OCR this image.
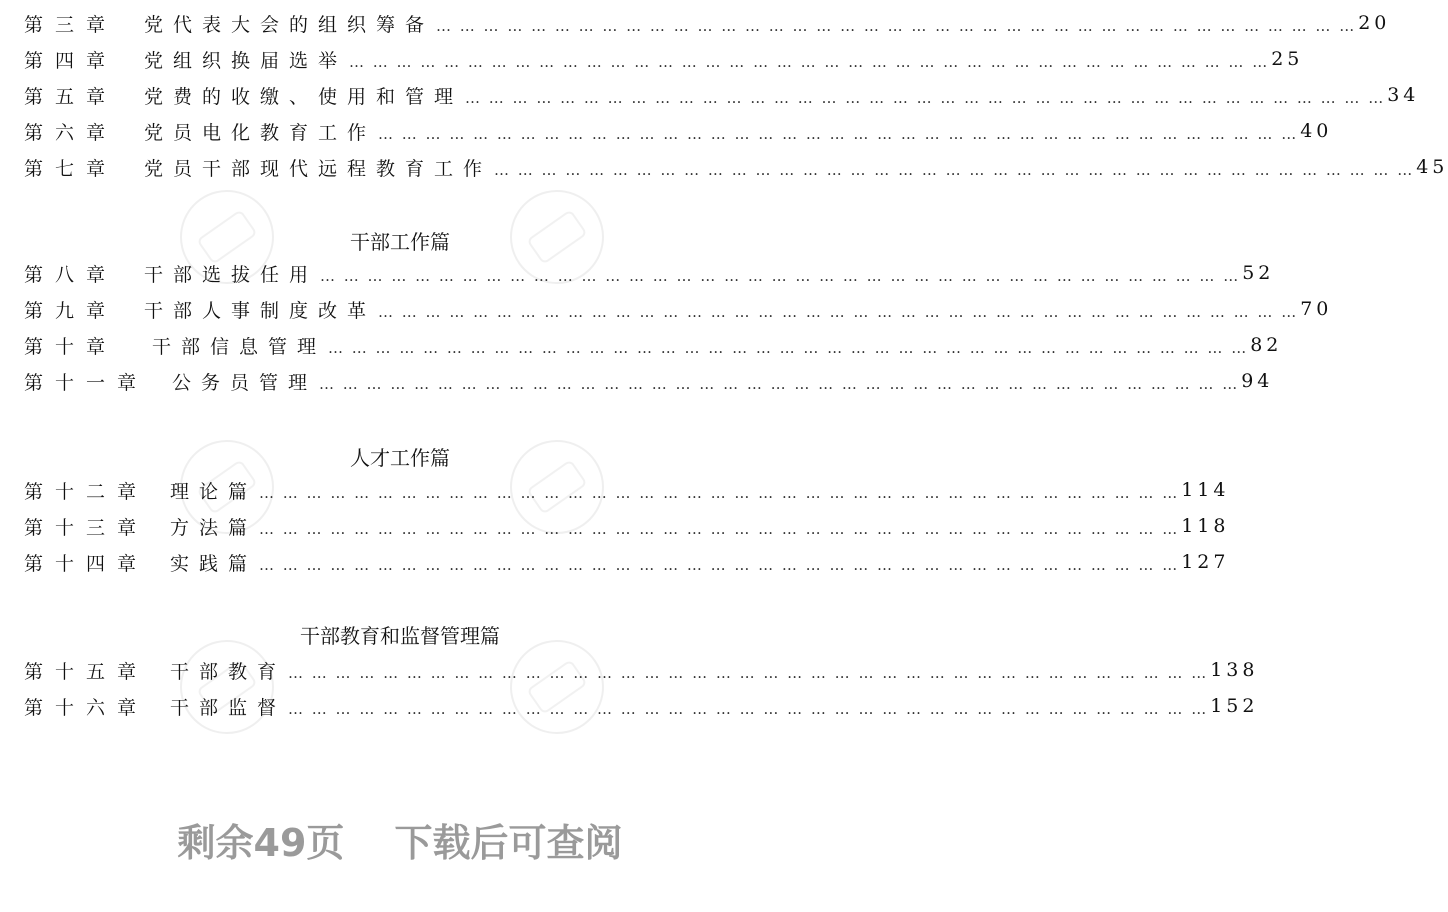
第三章	党代表大会的组织筹备 … … … … … … … … … … … … … … … … … … … … … … … … … … … … … … … … … … … … … … …	20
第四章	党组织换届选举 … … … … … … … … … … … … … … … … … … … … … … … … … … … … … … … … … … … … … … …	25
第五章	党费的收缴、使用和管理 … … … … … … … … … … … … … … … … … … … … … … … … … … … … … … … … … … … … … … …	34
第六章	党员电化教育工作 … … … … … … … … … … … … … … … … … … … … … … … … … … … … … … … … … … … … … … …	40
第七章	党员干部现代远程教育工作 … … … … … … … … … … … … … … … … … … … … … … … … … … … … … … … … … … … … … … …	45
干部工作篇
第八章	干部选拔任用 … … … … … … … … … … … … … … … … … … … … … … … … … … … … … … … … … … … … … … …	52
第九章	干部人事制度改革 … … … … … … … … … … … … … … … … … … … … … … … … … … … … … … … … … … … … … … …	70
第十章	干部信息管理 … … … … … … … … … … … … … … … … … … … … … … … … … … … … … … … … … … … … … … …	82
第十一章	公务员管理 … … … … … … … … … … … … … … … … … … … … … … … … … … … … … … … … … … … … … … …	94
人才工作篇
第十二章	理论篇 … … … … … … … … … … … … … … … … … … … … … … … … … … … … … … … … … … … … … … …	114
第十三章	方法篇 … … … … … … … … … … … … … … … … … … … … … … … … … … … … … … … … … … … … … … …	118
第十四章	实践篇 … … … … … … … … … … … … … … … … … … … … … … … … … … … … … … … … … … … … … … …	127
干部教育和监督管理篇
第十五章	干部教育 … … … … … … … … … … … … … … … … … … … … … … … … … … … … … … … … … … … … … … …	138
第十六章	干部监督 … … … … … … … … … … … … … … … … … … … … … … … … … … … … … … … … … … … … … … …	152
剩余49页 下载后可查阅
